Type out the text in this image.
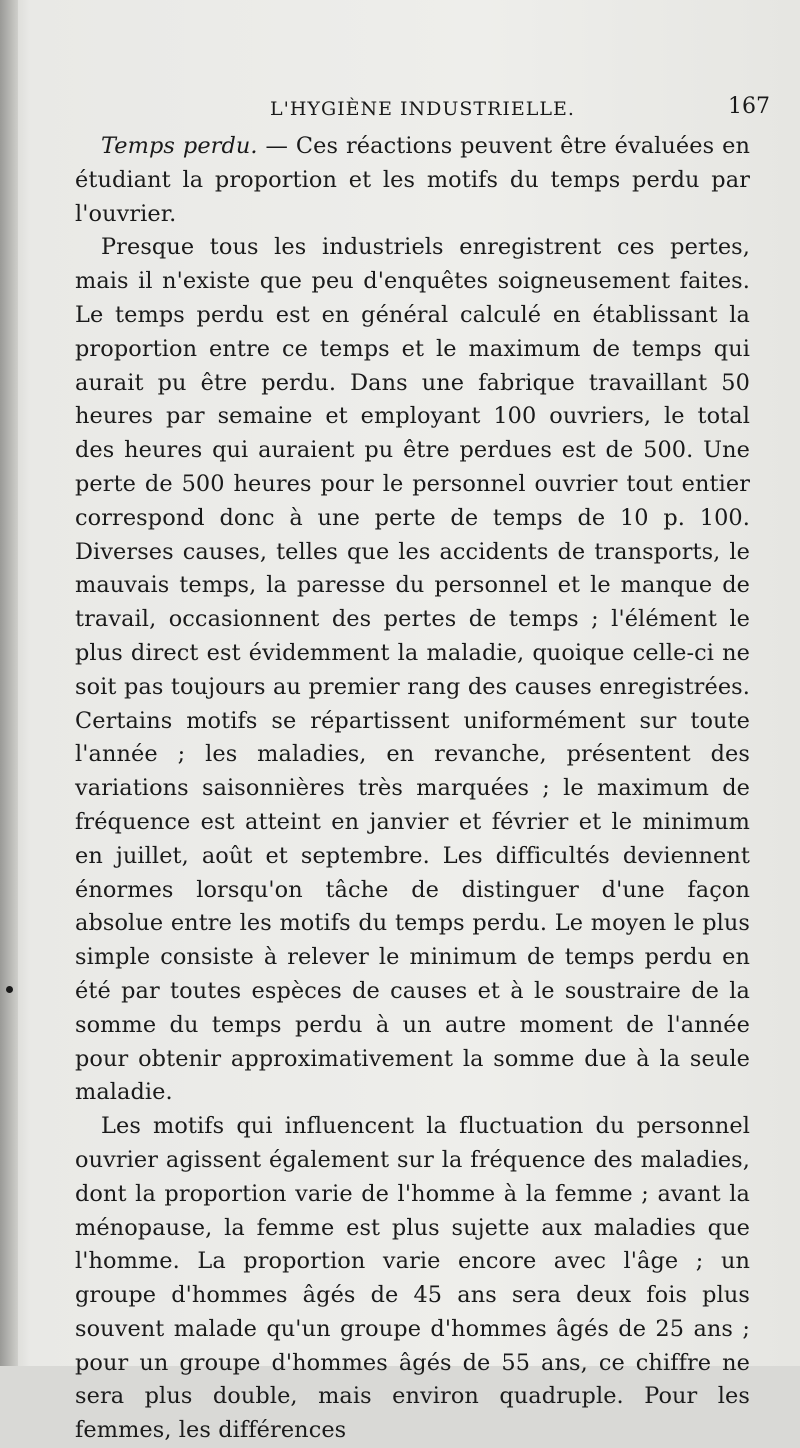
L'HYGIÈNE INDUSTRIELLE.	167

Temps perdu. — Ces réactions peuvent être évaluées en étudiant la proportion et les motifs du temps perdu par l'ouvrier.

Presque tous les industriels enregistrent ces pertes, mais il n'existe que peu d'enquêtes soigneusement faites. Le temps perdu est en général calculé en établissant la proportion entre ce temps et le maximum de temps qui aurait pu être perdu. Dans une fabrique travaillant 50 heures par semaine et employant 100 ouvriers, le total des heures qui auraient pu être perdues est de 500. Une perte de 500 heures pour le personnel ouvrier tout entier correspond donc à une perte de temps de 10 p. 100. Diverses causes, telles que les accidents de transports, le mauvais temps, la paresse du personnel et le manque de travail, occasionnent des pertes de temps ; l'élément le plus direct est évidemment la maladie, quoique celle-ci ne soit pas toujours au premier rang des causes enregistrées. Certains motifs se répartissent uniformément sur toute l'année ; les maladies, en revanche, présentent des variations saisonnières très marquées ; le maximum de fréquence est atteint en janvier et février et le minimum en juillet, août et septembre. Les difficultés deviennent énormes lorsqu'on tâche de distinguer d'une façon absolue entre les motifs du temps perdu. Le moyen le plus simple consiste à relever le minimum de temps perdu en été par toutes espèces de causes et à le soustraire de la somme du temps perdu à un autre moment de l'année pour obtenir approximativement la somme due à la seule maladie.

Les motifs qui influencent la fluctuation du personnel ouvrier agissent également sur la fréquence des maladies, dont la proportion varie de l'homme à la femme ; avant la ménopause, la femme est plus sujette aux maladies que l'homme. La proportion varie encore avec l'âge ; un groupe d'hommes âgés de 45 ans sera deux fois plus souvent malade qu'un groupe d'hommes âgés de 25 ans ; pour un groupe d'hommes âgés de 55 ans, ce chiffre ne sera plus double, mais environ quadruple. Pour les femmes, les différences
